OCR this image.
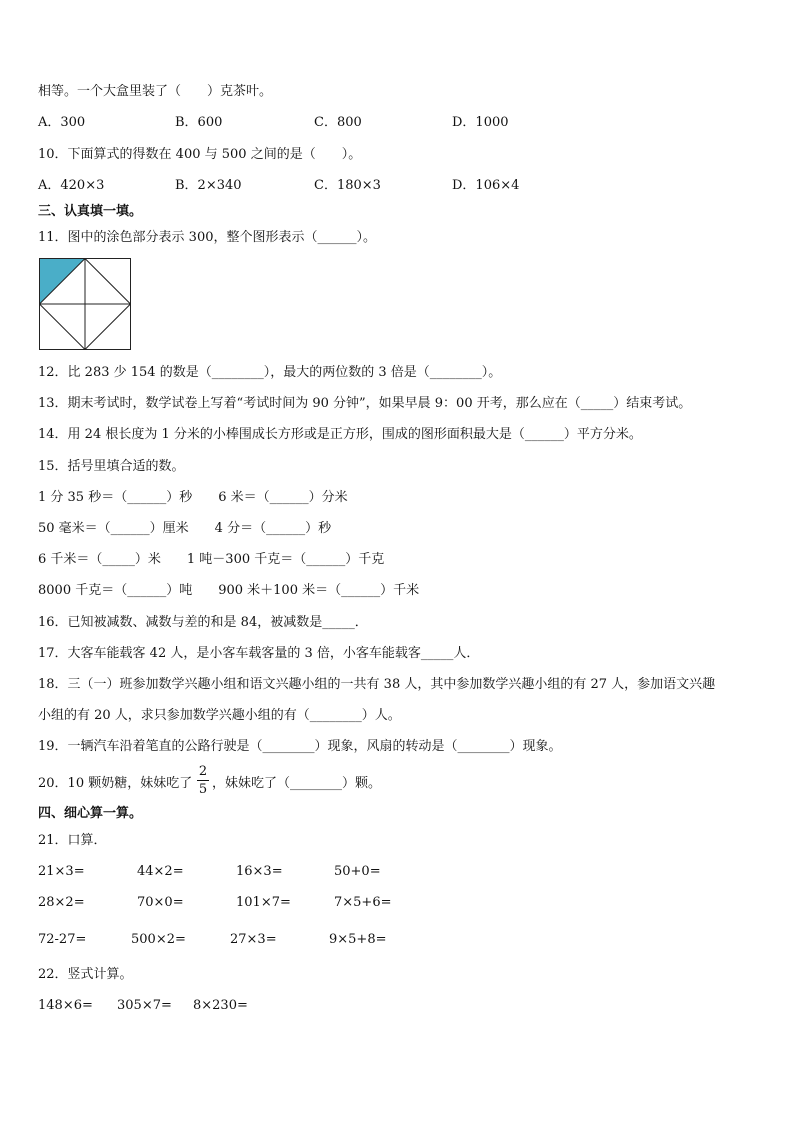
相等。一个大盒里装了（　　）克茶叶。
A．300	B．600	C．800	D．1000
10．下面算式的得数在 400 与 500 之间的是（　　）。
A．420×3	B．2×340	C．180×3	D．106×4
三、认真填一填。
11．图中的涂色部分表示 300，整个图形表示（______）。
12．比 283 少 154 的数是（________），最大的两位数的 3 倍是（________）。
13．期末考试时，数学试卷上写着“考试时间为 90 分钟”，如果早晨 9：00 开考，那么应在（_____）结束考试。
14．用 24 根长度为 1 分米的小棒围成长方形或是正方形，围成的图形面积最大是（______）平方分米。
15．括号里填合适的数。
1 分 35 秒＝（______）秒　　6 米＝（______）分米
50 毫米＝（______）厘米　　4 分＝（______）秒
6 千米＝（_____）米　　1 吨－300 千克＝（______）千克
8000 千克＝（______）吨　　900 米＋100 米＝（______）千米
16．已知被减数、减数与差的和是 84，被减数是_____．
17．大客车能载客 42 人，是小客车载客量的 3 倍，小客车能载客_____人．
18．三（一）班参加数学兴趣小组和语文兴趣小组的一共有 38 人，其中参加数学兴趣小组的有 27 人，参加语文兴趣
小组的有 20 人，求只参加数学兴趣小组的有（________）人。
19．一辆汽车沿着笔直的公路行驶是（________）现象，风扇的转动是（________）现象。
20．10 颗奶糖，妹妹吃了
2
5 ，妹妹吃了（________）颗。
四、细心算一算。
21．口算．
21×3=	44×2=	16×3=	50+0=
28×2=	70×0=	101×7=	7×5+6=
72-27=	500×2=	27×3=	9×5+8=
22．竖式计算。
148×6= 305×7= 8×230=
